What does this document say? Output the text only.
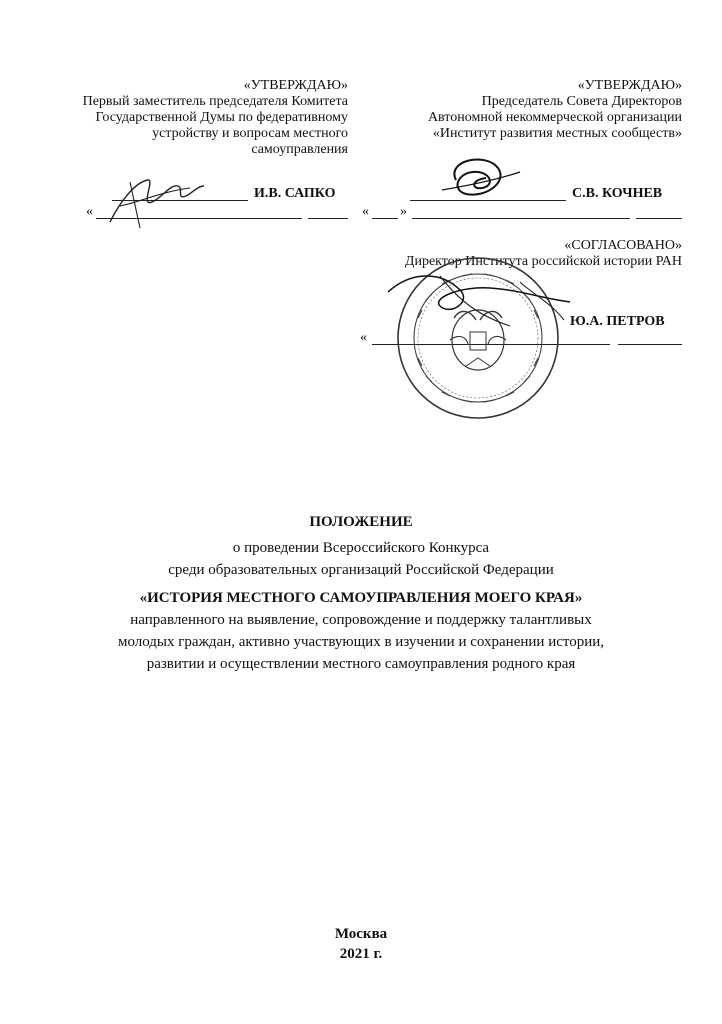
«УТВЕРЖДАЮ»
Первый заместитель председателя Комитета
Государственной Думы по федеративному
устройству и вопросам местного
самоуправления
И.В. САПКО
«
«УТВЕРЖДАЮ»
Председатель Совета Директоров
Автономной некоммерческой организации
«Институт развития местных сообществ»
С.В. КОЧНЕВ
« »
«СОГЛАСОВАНО»
Директор Института российской истории РАН
Ю.А. ПЕТРОВ
«
ПОЛОЖЕНИЕ
о проведении Всероссийского Конкурса
среди образовательных организаций Российской Федерации
«ИСТОРИЯ МЕСТНОГО САМОУПРАВЛЕНИЯ МОЕГО КРАЯ»
направленного на выявление, сопровождение и поддержку талантливых
молодых граждан, активно участвующих в изучении и сохранении истории,
развитии и осуществлении местного самоуправления родного края
Москва
2021 г.
